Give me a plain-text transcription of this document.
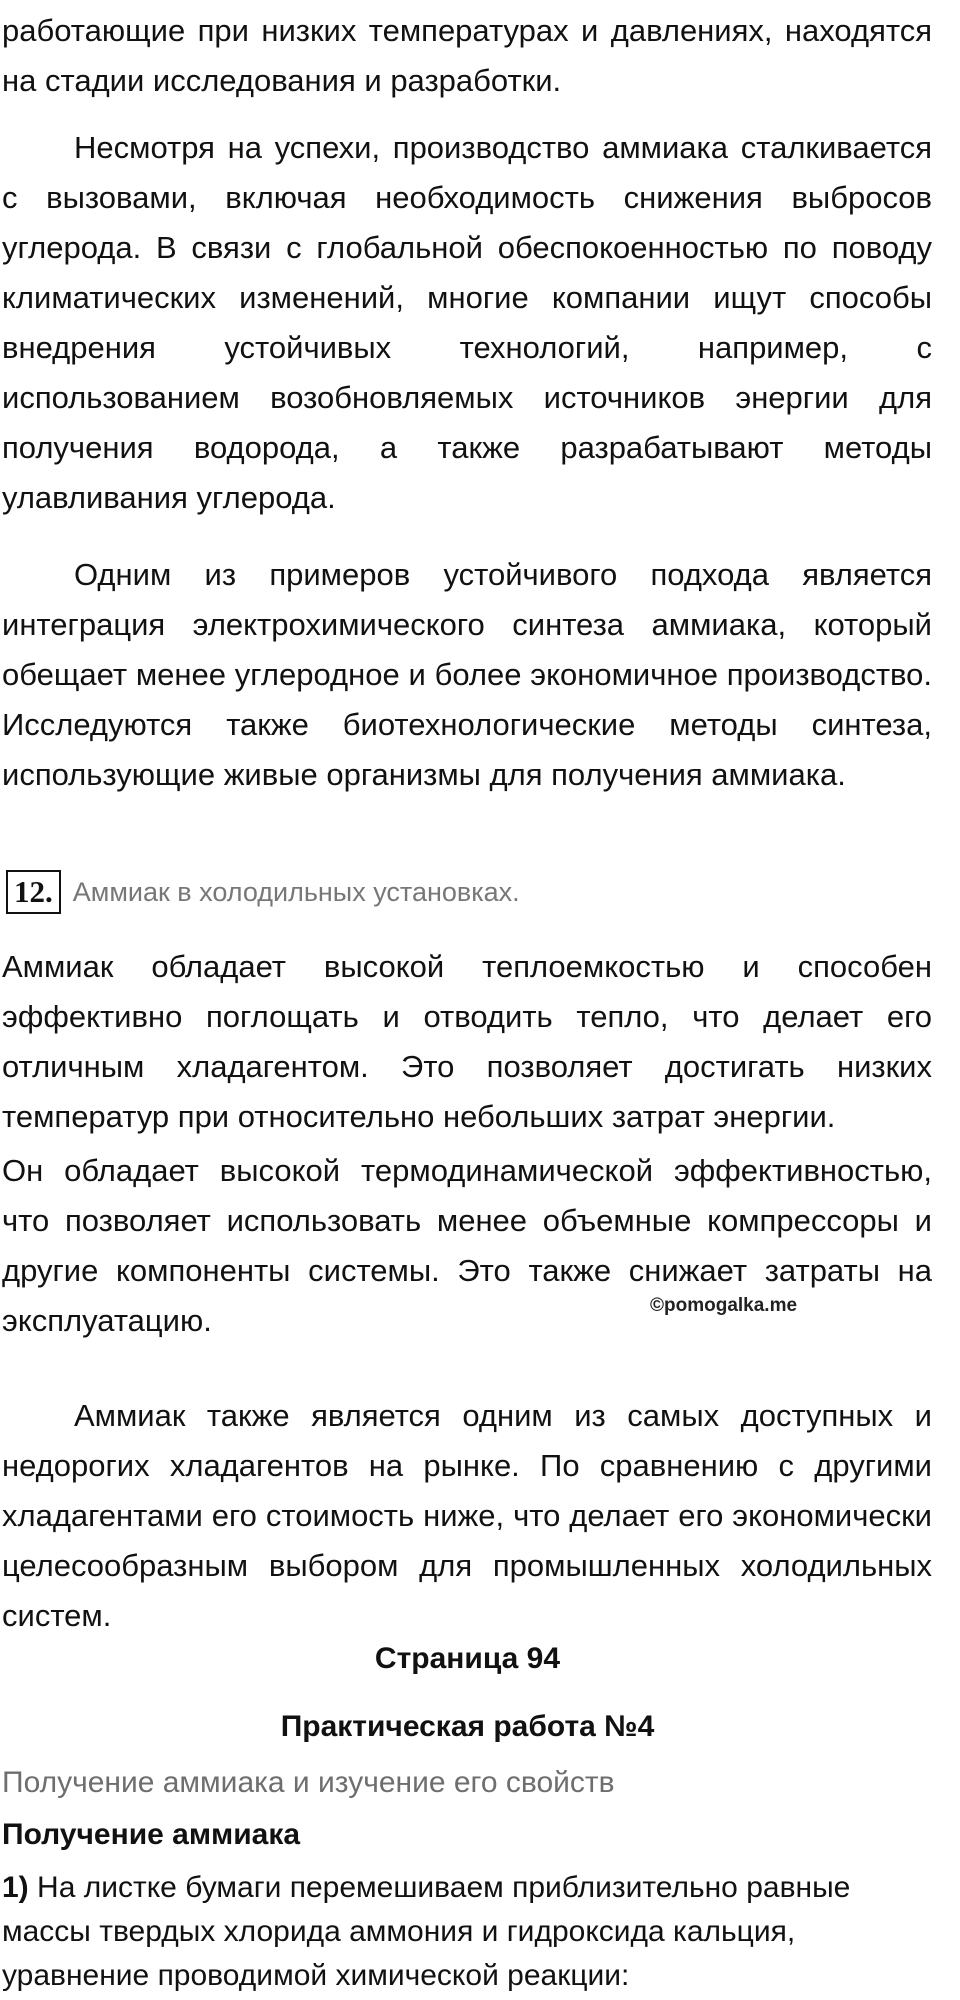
работающие при низких температурах и давлениях, находятся на стадии исследования и разработки.

Несмотря на успехи, производство аммиака сталкивается с вызовами, включая необходимость снижения выбросов углерода. В связи с глобальной обеспокоенностью по поводу климатических изменений, многие компании ищут способы внедрения устойчивых технологий, например, с использованием возобновляемых источников энергии для получения водорода, а также разрабатывают методы улавливания углерода.

Одним из примеров устойчивого подхода является интеграция электрохимического синтеза аммиака, который обещает менее углеродное и более экономичное производство. Исследуются также биотехнологические методы синтеза, использующие живые организмы для получения аммиака.

12. Аммиак в холодильных установках.

Аммиак обладает высокой теплоемкостью и способен эффективно поглощать и отводить тепло, что делает его отличным хладагентом. Это позволяет достигать низких температур при относительно небольших затрат энергии.

Он обладает высокой термодинамической эффективностью, что позволяет использовать менее объемные компрессоры и другие компоненты системы. Это также снижает затраты на эксплуатацию.	©pomogalka.me

Аммиак также является одним из самых доступных и недорогих хладагентов на рынке. По сравнению с другими хладагентами его стоимость ниже, что делает его экономически целесообразным выбором для промышленных холодильных систем.

Страница 94
Практическая работа №4
Получение аммиака и изучение его свойств
Получение аммиака

1) На листке бумаги перемешиваем приблизительно равные массы твердых хлорида аммония и гидроксида кальция, уравнение проводимой химической реакции:
